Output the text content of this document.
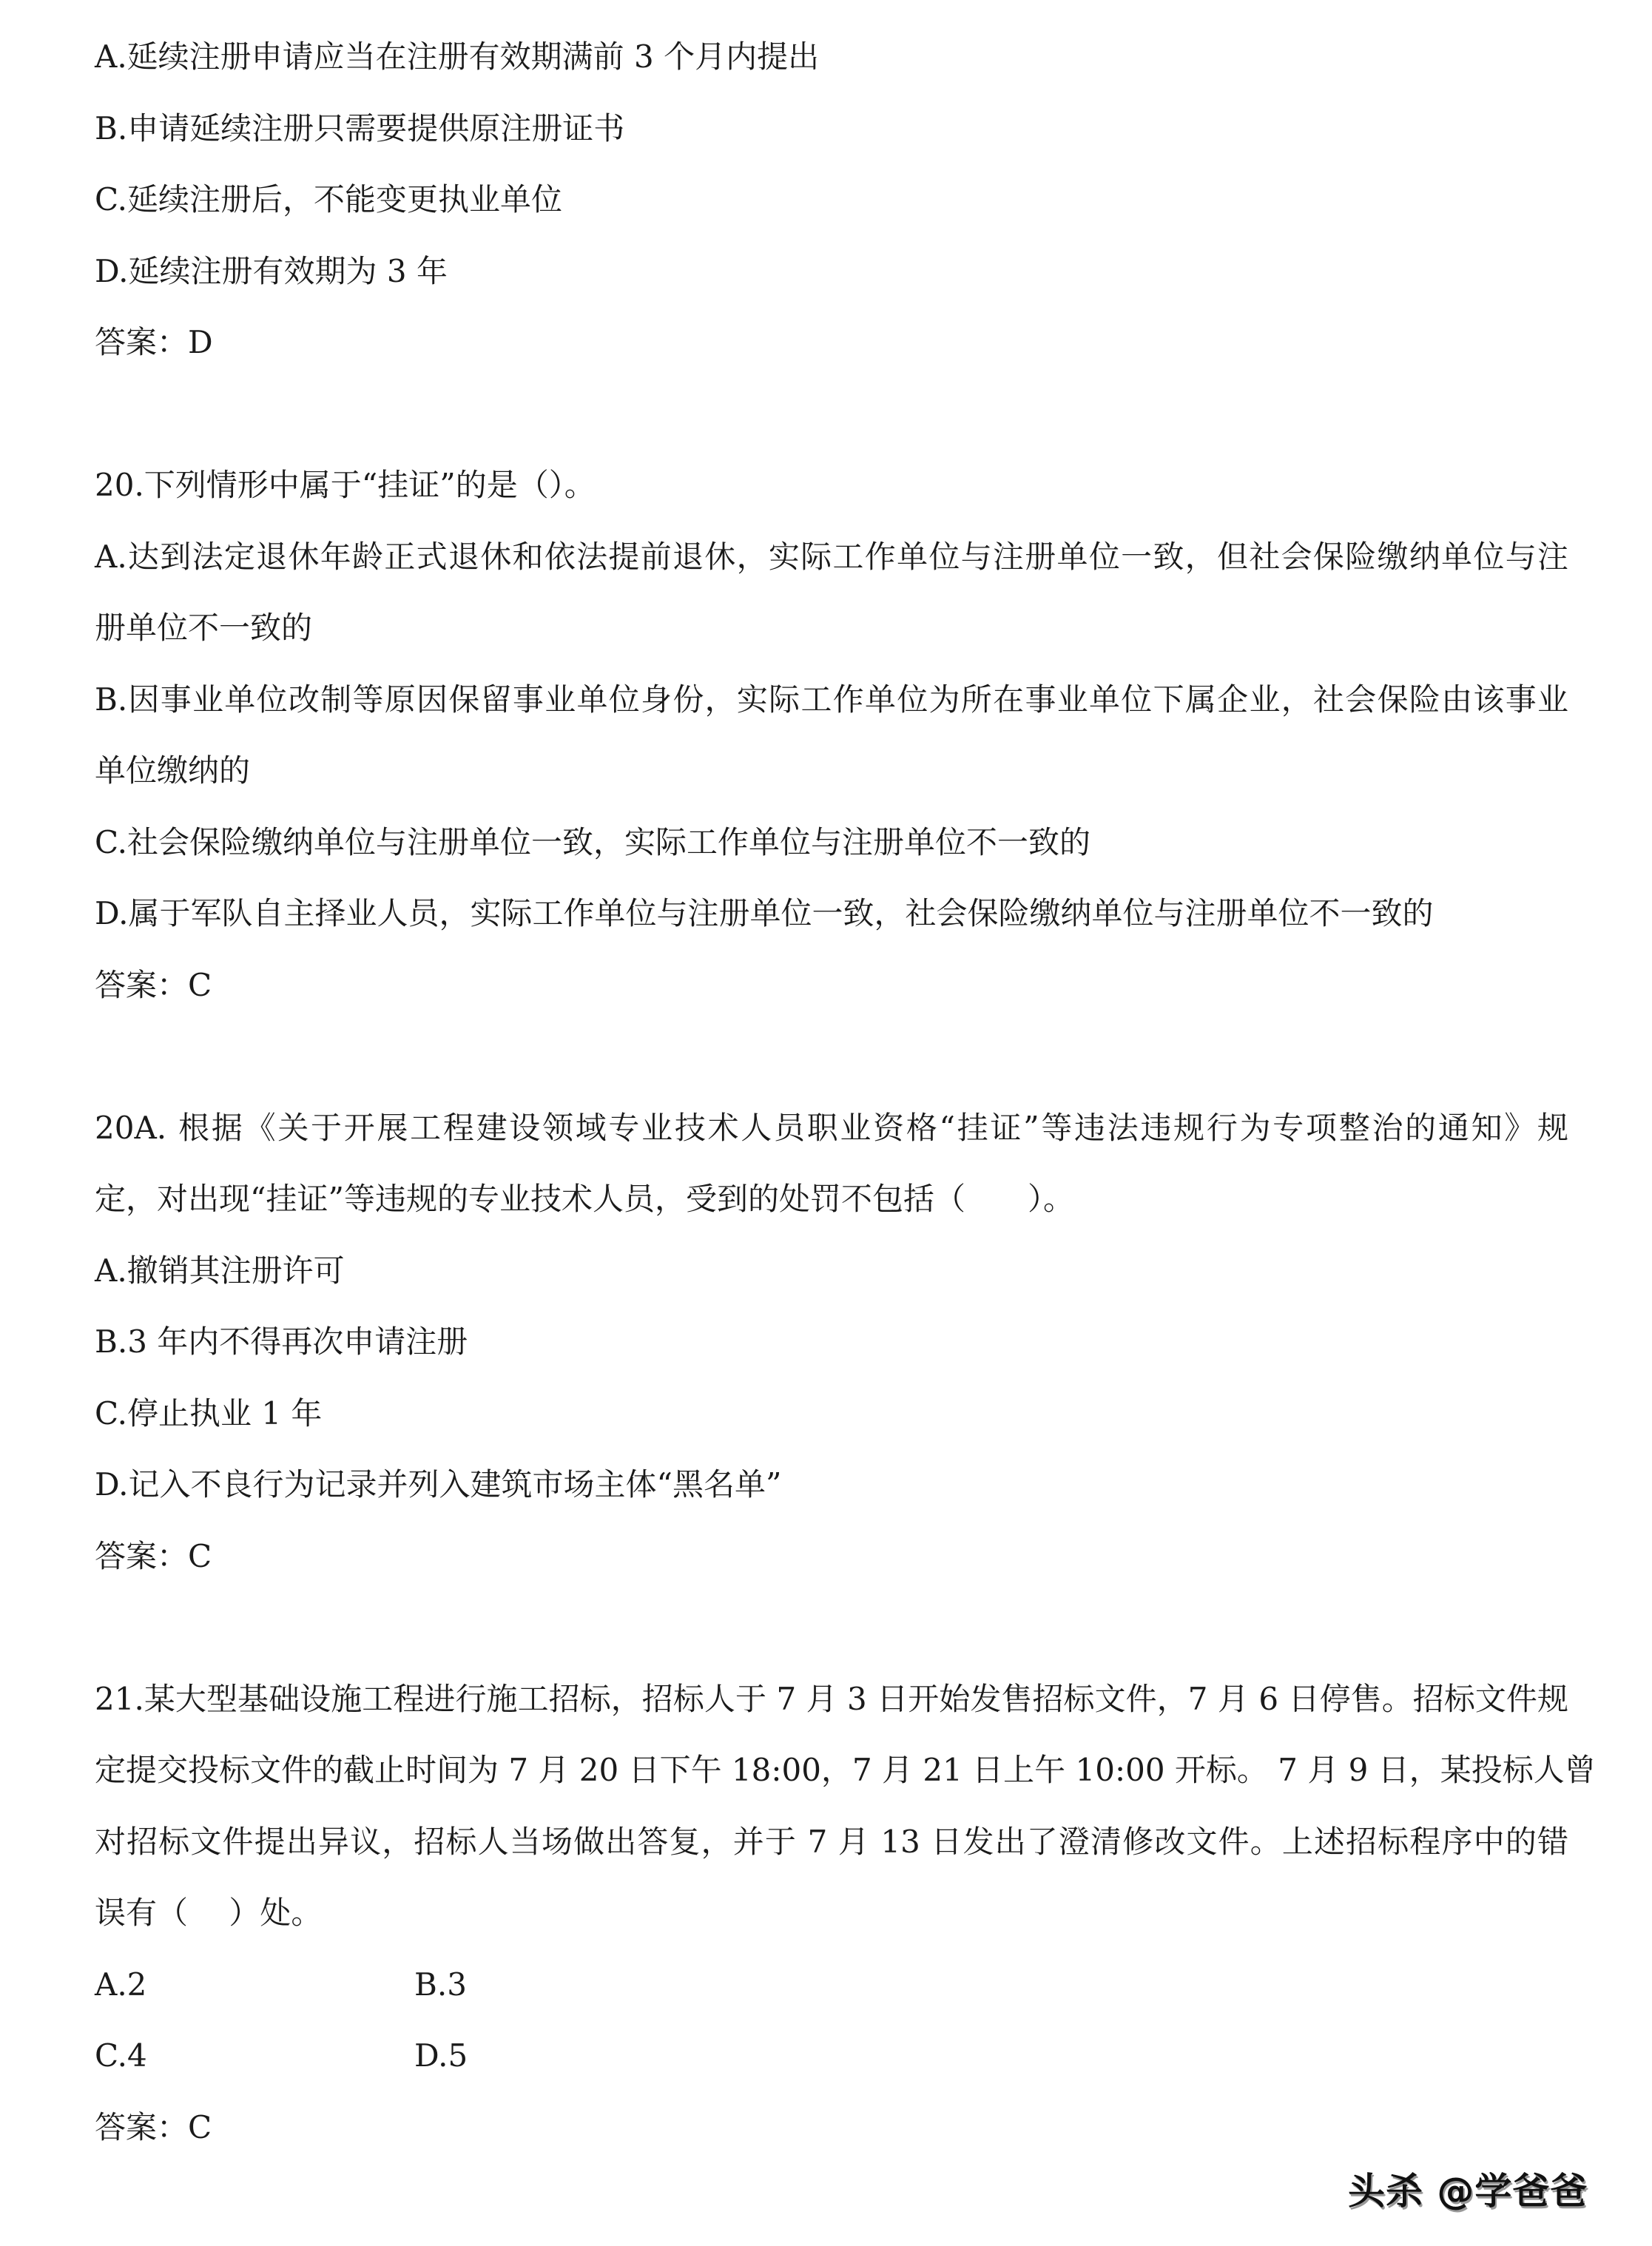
A.延续注册申请应当在注册有效期满前 3 个月内提出
B.申请延续注册只需要提供原注册证书
C.延续注册后，不能变更执业单位
D.延续注册有效期为 3 年
答案：D
20.下列情形中属于“挂证”的是（）。
A.达到法定退休年龄正式退休和依法提前退休，实际工作单位与注册单位一致，但社会保险缴纳单位与注
册单位不一致的
B.因事业单位改制等原因保留事业单位身份，实际工作单位为所在事业单位下属企业，社会保险由该事业
单位缴纳的
C.社会保险缴纳单位与注册单位一致，实际工作单位与注册单位不一致的
D.属于军队自主择业人员，实际工作单位与注册单位一致，社会保险缴纳单位与注册单位不一致的
答案：C
20A. 根据《关于开展工程建设领域专业技术人员职业资格“挂证”等违法违规行为专项整治的通知》规
定，对出现“挂证”等违规的专业技术人员，受到的处罚不包括（　　）。
A.撤销其注册许可
B.3 年内不得再次申请注册
C.停止执业 1 年
D.记入不良行为记录并列入建筑市场主体“黑名单”
答案：C
21.某大型基础设施工程进行施工招标，招标人于 7 月 3 日开始发售招标文件，7 月 6 日停售。招标文件规
定提交投标文件的截止时间为 7 月 20 日下午 18:00，7 月 21 日上午 10:00 开标。 7 月 9 日，某投标人曾
对招标文件提出异议，招标人当场做出答复，并于 7 月 13 日发出了澄清修改文件。上述招标程序中的错
误有（　 ）处。
A.2	B.3
C.4	D.5
答案：C
头杀 @学爸爸
